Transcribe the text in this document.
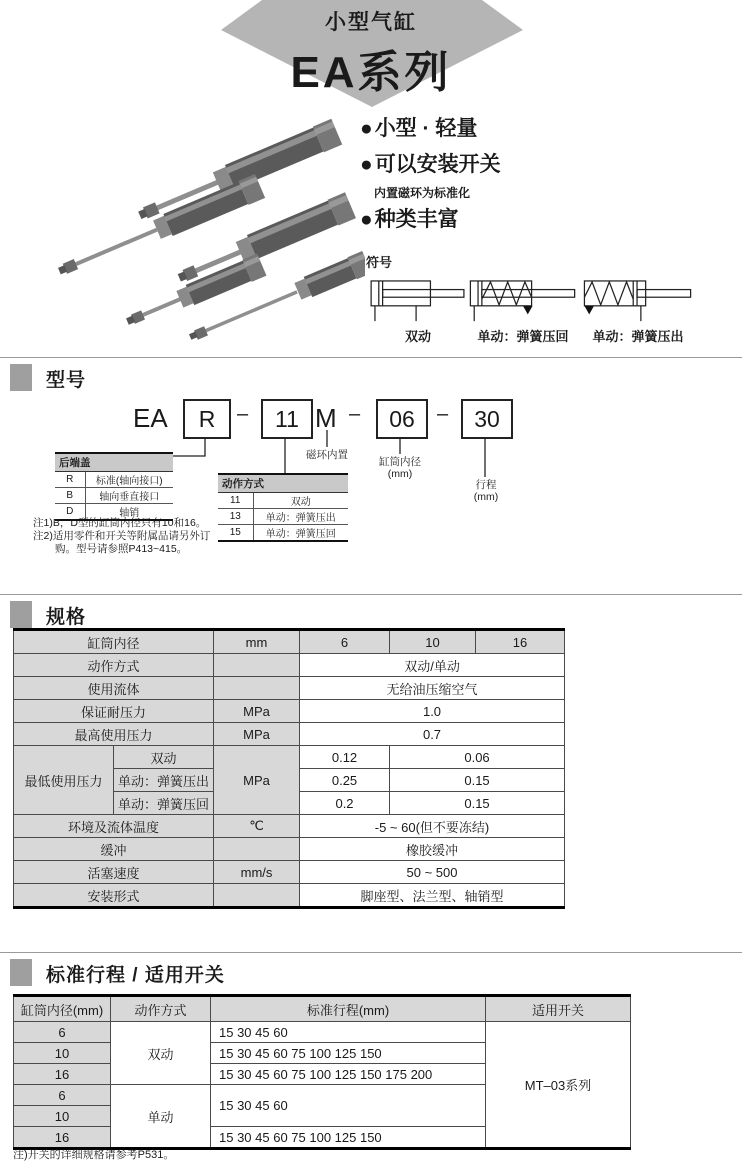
小型气缸
EA系列
●小型 · 轻量
●可以安装开关
内置磁环为标准化
●种类丰富
符号
双动	单动：弹簧压回	单动：弹簧压出
型号
EA	R	–	11 M –	06	–	30
磁环内置
缸筒内径
(mm)
行程
(mm)
后端盖	
R	标准(轴向接口)
B	轴向垂直接口
D	轴销
注1)B，D型的缸筒内径只有10和16。
注2)适用零件和开关等附属品请另外订
购。型号请参照P413~415。
动作方式	
11	双动
13	单动：弹簧压出
15	单动：弹簧压回
规格
缸筒内径		mm	6	10	16
动作方式			双动/单动		
使用流体			无给油压缩空气		
保证耐压力		MPa	1.0		
最高使用压力		MPa	0.7		
最低使用压力	双动	MPa	0.12	0.06	
	单动：弹簧压出		0.25	0.15	
	单动：弹簧压回		0.2	0.15	
环境及流体温度		℃	-5 ~ 60(但不要冻结)		
缓冲			橡胶缓冲		
活塞速度		mm/s	50 ~ 500		
安装形式			脚座型、法兰型、轴销型		
标准行程 / 适用开关
缸筒内径(mm)	动作方式	标准行程(mm)	适用开关
6	双动	15 30 45 60	MT–03系列
10		15 30 45 60 75 100 125 150	
16		15 30 45 60 75 100 125 150 175 200	
6	单动	15 30 45 60	
10			
16		15 30 45 60 75 100 125 150	
注)开关的详细规格请参考P531。
